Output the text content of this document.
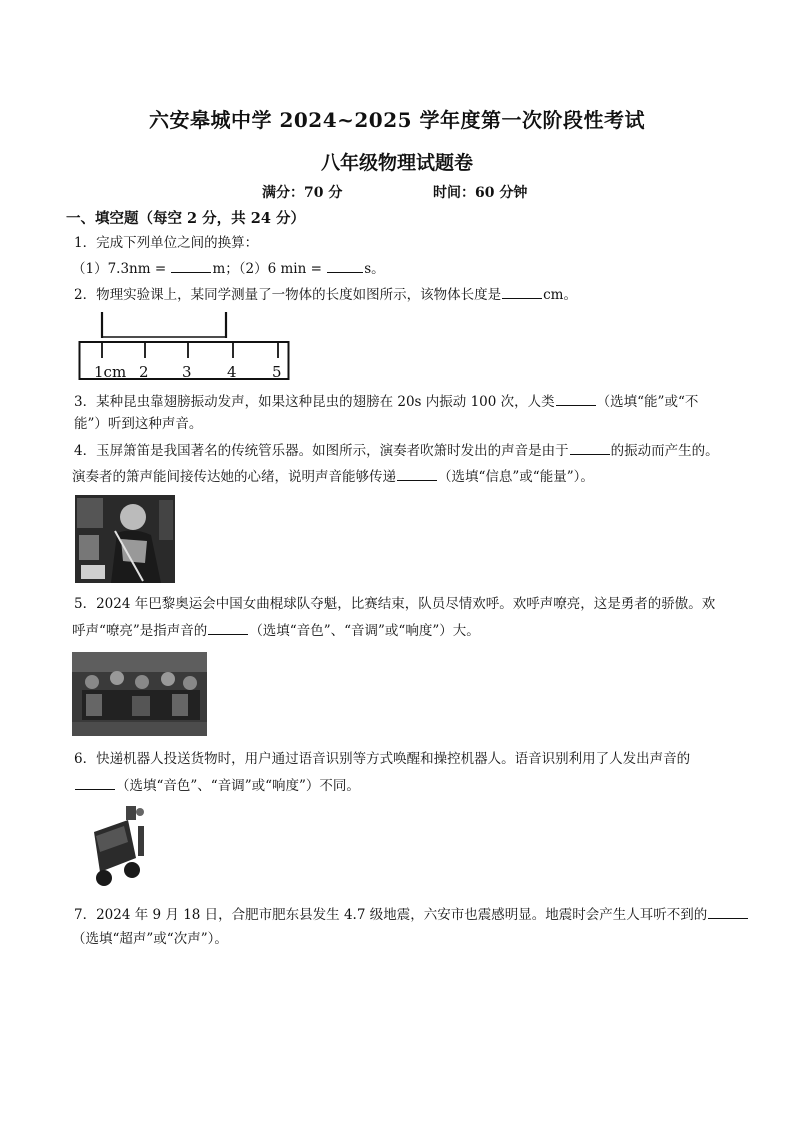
六安皋城中学 2024~2025 学年度第一次阶段性考试
八年级物理试题卷
满分：70 分	时间：60 分钟
一、填空题（每空 2 分，共 24 分）
1．完成下列单位之间的换算：
（1）7.3nm =	m；（2）6 min =	s。
2．物理实验课上，某同学测量了一物体的长度如图所示，该物体长度是	cm。
1cm 2 3 4 5
3．某种昆虫靠翅膀振动发声，如果这种昆虫的翅膀在 20s 内振动 100 次，人类	（选填“能”或“不
能”）听到这种声音。
4．玉屏箫笛是我国著名的传统管乐器。如图所示，演奏者吹箫时发出的声音是由于	的振动而产生的。
演奏者的箫声能间接传达她的心绪，说明声音能够传递	（选填“信息”或“能量”）。
5．2024 年巴黎奥运会中国女曲棍球队夺魁，比赛结束，队员尽情欢呼。欢呼声嘹亮，这是勇者的骄傲。欢
呼声“嘹亮”是指声音的	（选填“音色”、“音调”或“响度”）大。
6．快递机器人投送货物时，用户通过语音识别等方式唤醒和操控机器人。语音识别利用了人发出声音的
（选填“音色”、“音调”或“响度”）不同。
7．2024 年 9 月 18 日，合肥市肥东县发生 4.7 级地震，六安市也震感明显。地震时会产生人耳听不到的
（选填“超声”或“次声”）。
